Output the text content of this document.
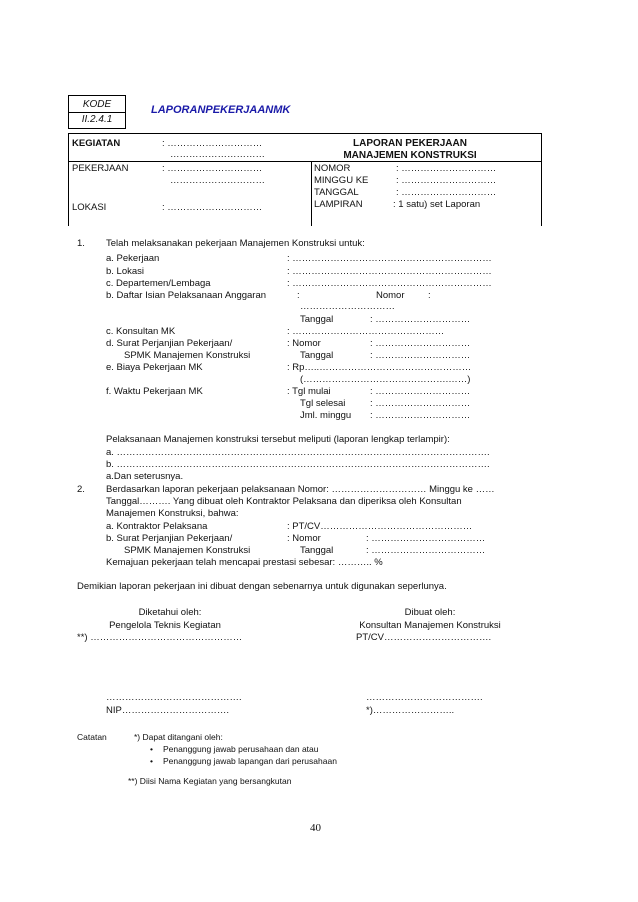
KODE
II.2.4.1
LAPORANPEKERJAANMK
KEGIATAN	: …………………………
…………………………
LAPORAN PEKERJAAN
MANAJEMEN KONSTRUKSI
PEKERJAAN	: …………………………
…………………………
LOKASI	: …………………………
NOMOR	: …………………………
MINGGU KE	: …………………………
TANGGAL	: …………………………
LAMPIRAN	: 1 satu) set Laporan
1. Telah melaksanakan pekerjaan Manajemen Konstruksi untuk:
a. Pekerjaan	: ………………………………………………………
b. Lokasi	: ………………………………………………………
c. Departemen/Lembaga	: ………………………………………………………
b. Daftar Isian Pelaksanaan Anggaran	:	Nomor :
…………………………
Tanggal	: …………………………
c. Konsultan MK	: …………………………………………
d. Surat Perjanjian Pekerjaan/
SPMK Manajemen Konstruksi
: Nomor	: …………………………
Tanggal	: …………………………
e. Biaya Pekerjaan MK	: Rp…..…………………………………………
(……………………………………….……)
f. Waktu Pekerjaan MK	: Tgl mulai	: …………………………
Tgl selesai	: …………………………
Jml. minggu : …………………………
Pelaksanaan Manajemen konstruksi tersebut meliputi (laporan lengkap terlampir):
a. ……………………………………………………………………………………………………….
b. ……………………………………………………………………………………………………….
a.Dan seterusnya.
2. Berdasarkan laporan pekerjaan pelaksanaan Nomor: ………………………… Minggu ke ……
Tanggal………. Yang dibuat oleh Kontraktor Pelaksana dan diperiksa oleh Konsultan
Manajemen Konstruksi, bahwa:
a. Kontraktor Pelaksana	: PT/CV…………………………………………
b. Surat Perjanjian Pekerjaan/
SPMK Manajemen Konstruksi
: Nomor	: ………………………………
Tanggal	: ………………………………
Kemajuan pekerjaan telah mencapai prestasi sebesar: ……….. %
Demikian laporan pekerjaan ini dibuat dengan sebenarnya untuk digunakan seperlunya.
Diketahui oleh:
Pengelola Teknis Kegiatan
**) …………………………………………
Dibuat oleh:
Konsultan Manajemen Konstruksi
PT/CV…………………………….
…………………………………….
NIP…………………………….
……………………………….
*)……………………..
Catatan	*) Dapat ditangani oleh:
• Penanggung jawab perusahaan dan atau
• Penanggung jawab lapangan dari perusahaan
**) Diisi Nama Kegiatan yang bersangkutan
40
